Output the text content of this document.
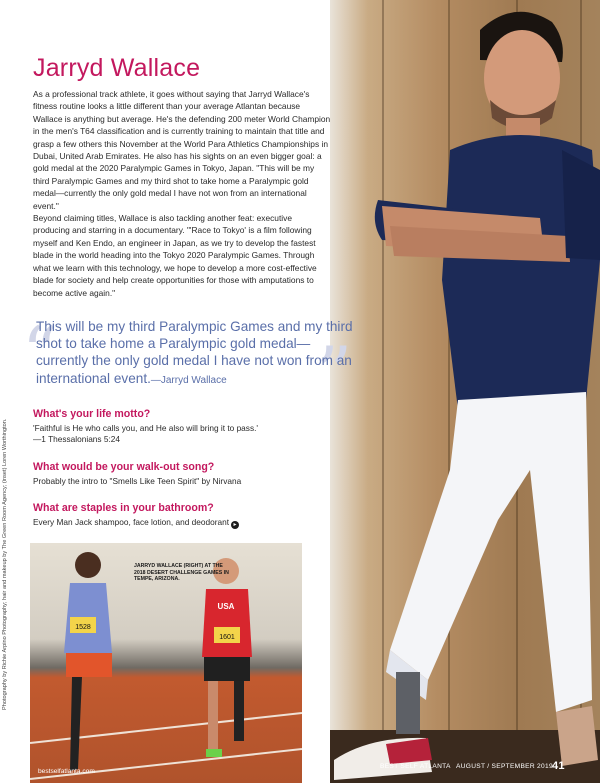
Jarryd Wallace

As a professional track athlete, it goes without saying that Jarryd Wallace's fitness routine looks a little different than your average Atlantan because Wallace is anything but average. He's the defending 200 meter World Champion in the men's T64 classification and is currently training to maintain that title and grasp a few others this November at the World Para Athletics Championships in Dubai, United Arab Emirates. He also has his sights on an even bigger goal: a gold medal at the 2020 Paralympic Games in Tokyo, Japan. "This will be my third Paralympic Games and my third shot to take home a Paralympic gold medal—currently the only gold medal I have not won from an international event."

Beyond claiming titles, Wallace is also tackling another feat: executive producing and starring in a documentary. "'Race to Tokyo' is a film following myself and Ken Endo, an engineer in Japan, as we try to develop the fastest blade in the world heading into the Tokyo 2020 Paralympic Games. Through what we learn with this technology, we hope to develop a more cost-effective blade for society and help create opportunities for those with amputations to become active again."

“	”

This will be my third Paralympic Games and my third shot to take home a Paralympic gold medal—currently the only gold medal I have not won from an international event.—Jarryd Wallace

What's your life motto?

'Faithful is He who calls you, and He also will bring it to pass.'

—1 Thessalonians 5:24

What would be your walk-out song?

Probably the intro to "Smells Like Teen Spirit" by Nirvana

What are staples in your bathroom?

Every Man Jack shampoo, face lotion, and deodorant ▸

1528
USA
1601

JARRYD WALLACE (RIGHT) AT THE 2018 DESERT CHALLENGE GAMES IN TEMPE, ARIZONA.

bestselfatlanta.com

Photography by Richie Arpino Photography; hair and makeup by The Green Room Agency; (inset) Loren Worthington.

BEST SELF ATLANTA AUGUST / SEPTEMBER 2019 41
